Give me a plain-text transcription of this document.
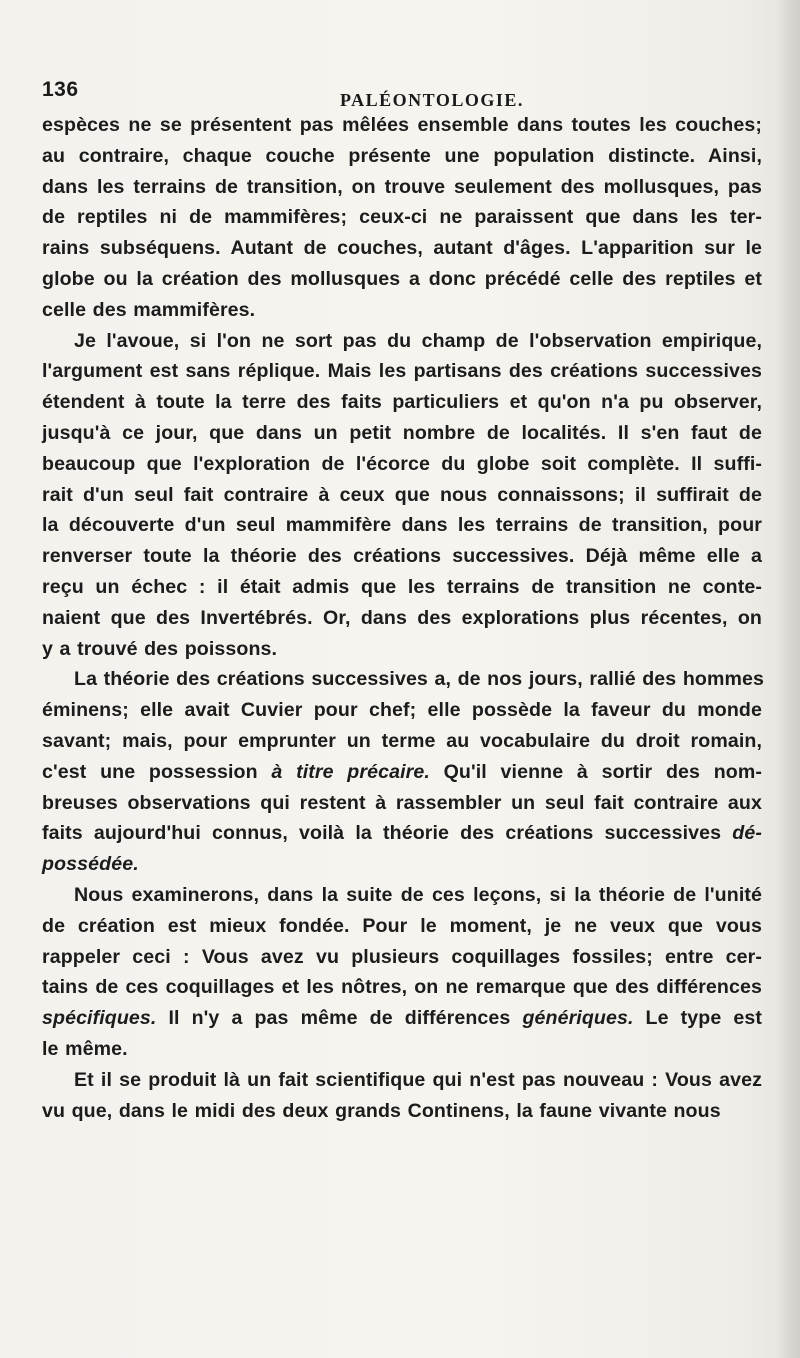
136	PALÉONTOLOGIE.
espèces ne se présentent pas mêlées ensemble dans toutes les couches;
au contraire, chaque couche présente une population distincte. Ainsi,
dans les terrains de transition, on trouve seulement des mollusques, pas
de reptiles ni de mammifères; ceux-ci ne paraissent que dans les ter-
rains subséquens. Autant de couches, autant d'âges. L'apparition sur le
globe ou la création des mollusques a donc précédé celle des reptiles et
celle des mammifères.
Je l'avoue, si l'on ne sort pas du champ de l'observation empirique,
l'argument est sans réplique. Mais les partisans des créations successives
étendent à toute la terre des faits particuliers et qu'on n'a pu observer,
jusqu'à ce jour, que dans un petit nombre de localités. Il s'en faut de
beaucoup que l'exploration de l'écorce du globe soit complète. Il suffi-
rait d'un seul fait contraire à ceux que nous connaissons; il suffirait de
la découverte d'un seul mammifère dans les terrains de transition, pour
renverser toute la théorie des créations successives. Déjà même elle a
reçu un échec : il était admis que les terrains de transition ne conte-
naient que des Invertébrés. Or, dans des explorations plus récentes, on
y a trouvé des poissons.
La théorie des créations successives a, de nos jours, rallié des hommes
éminens; elle avait Cuvier pour chef; elle possède la faveur du monde
savant; mais, pour emprunter un terme au vocabulaire du droit romain,
c'est une possession à titre précaire. Qu'il vienne à sortir des nom-
breuses observations qui restent à rassembler un seul fait contraire aux
faits aujourd'hui connus, voilà la théorie des créations successives dé-
possédée.
Nous examinerons, dans la suite de ces leçons, si la théorie de l'unité
de création est mieux fondée. Pour le moment, je ne veux que vous
rappeler ceci : Vous avez vu plusieurs coquillages fossiles; entre cer-
tains de ces coquillages et les nôtres, on ne remarque que des différences
spécifiques. Il n'y a pas même de différences génériques. Le type est
le même.
Et il se produit là un fait scientifique qui n'est pas nouveau : Vous avez
vu que, dans le midi des deux grands Continens, la faune vivante nous
